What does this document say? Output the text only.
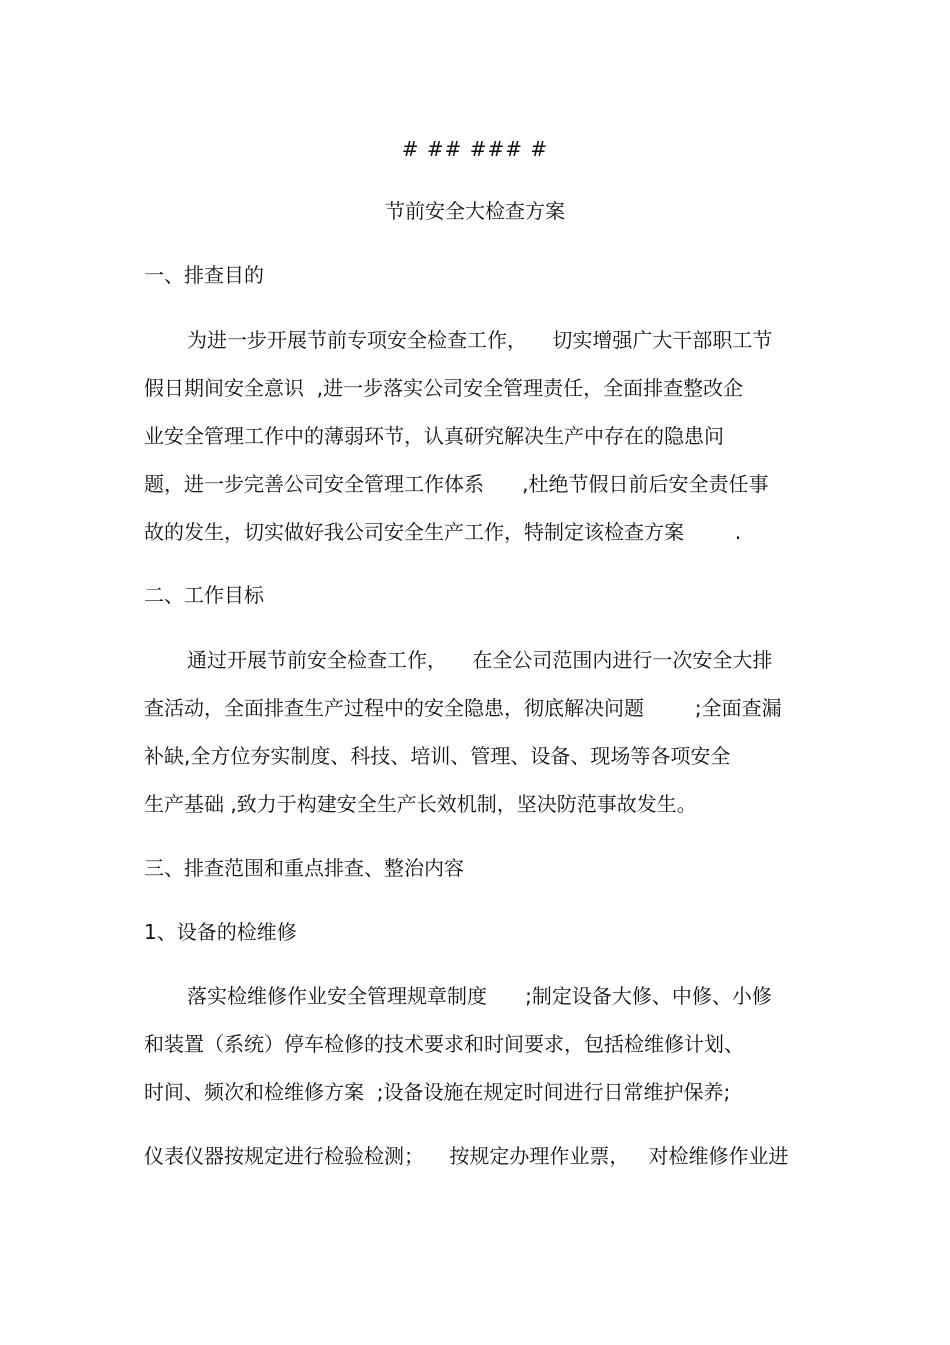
# ## ### #
节前安全大检查方案
一、排查目的
为进一步开展节前专项安全检查工作，    切实增强广大干部职工节
假日期间安全意识  ,进一步落实公司安全管理责任，全面排查整改企
业安全管理工作中的薄弱环节，认真研究解决生产中存在的隐患问
题，进一步完善公司安全管理工作体系      ,杜绝节假日前后安全责任事
故的发生，切实做好我公司安全生产工作，特制定该检查方案        .
二、工作目标
通过开展节前安全检查工作，    在全公司范围内进行一次安全大排
查活动，全面排查生产过程中的安全隐患，彻底解决问题        ;全面查漏
补缺,全方位夯实制度、科技、培训、管理、设备、现场等各项安全
生产基础 ,致力于构建安全生产长效机制，坚决防范事故发生。
三、排查范围和重点排查、整治内容
1、设备的检维修
落实检维修作业安全管理规章制度      ;制定设备大修、中修、小修
和装置（系统）停车检修的技术要求和时间要求，包括检维修计划、
时间、频次和检维修方案  ;设备设施在规定时间进行日常维护保养;
仪表仪器按规定进行检验检测；    按规定办理作业票，   对检维修作业进
